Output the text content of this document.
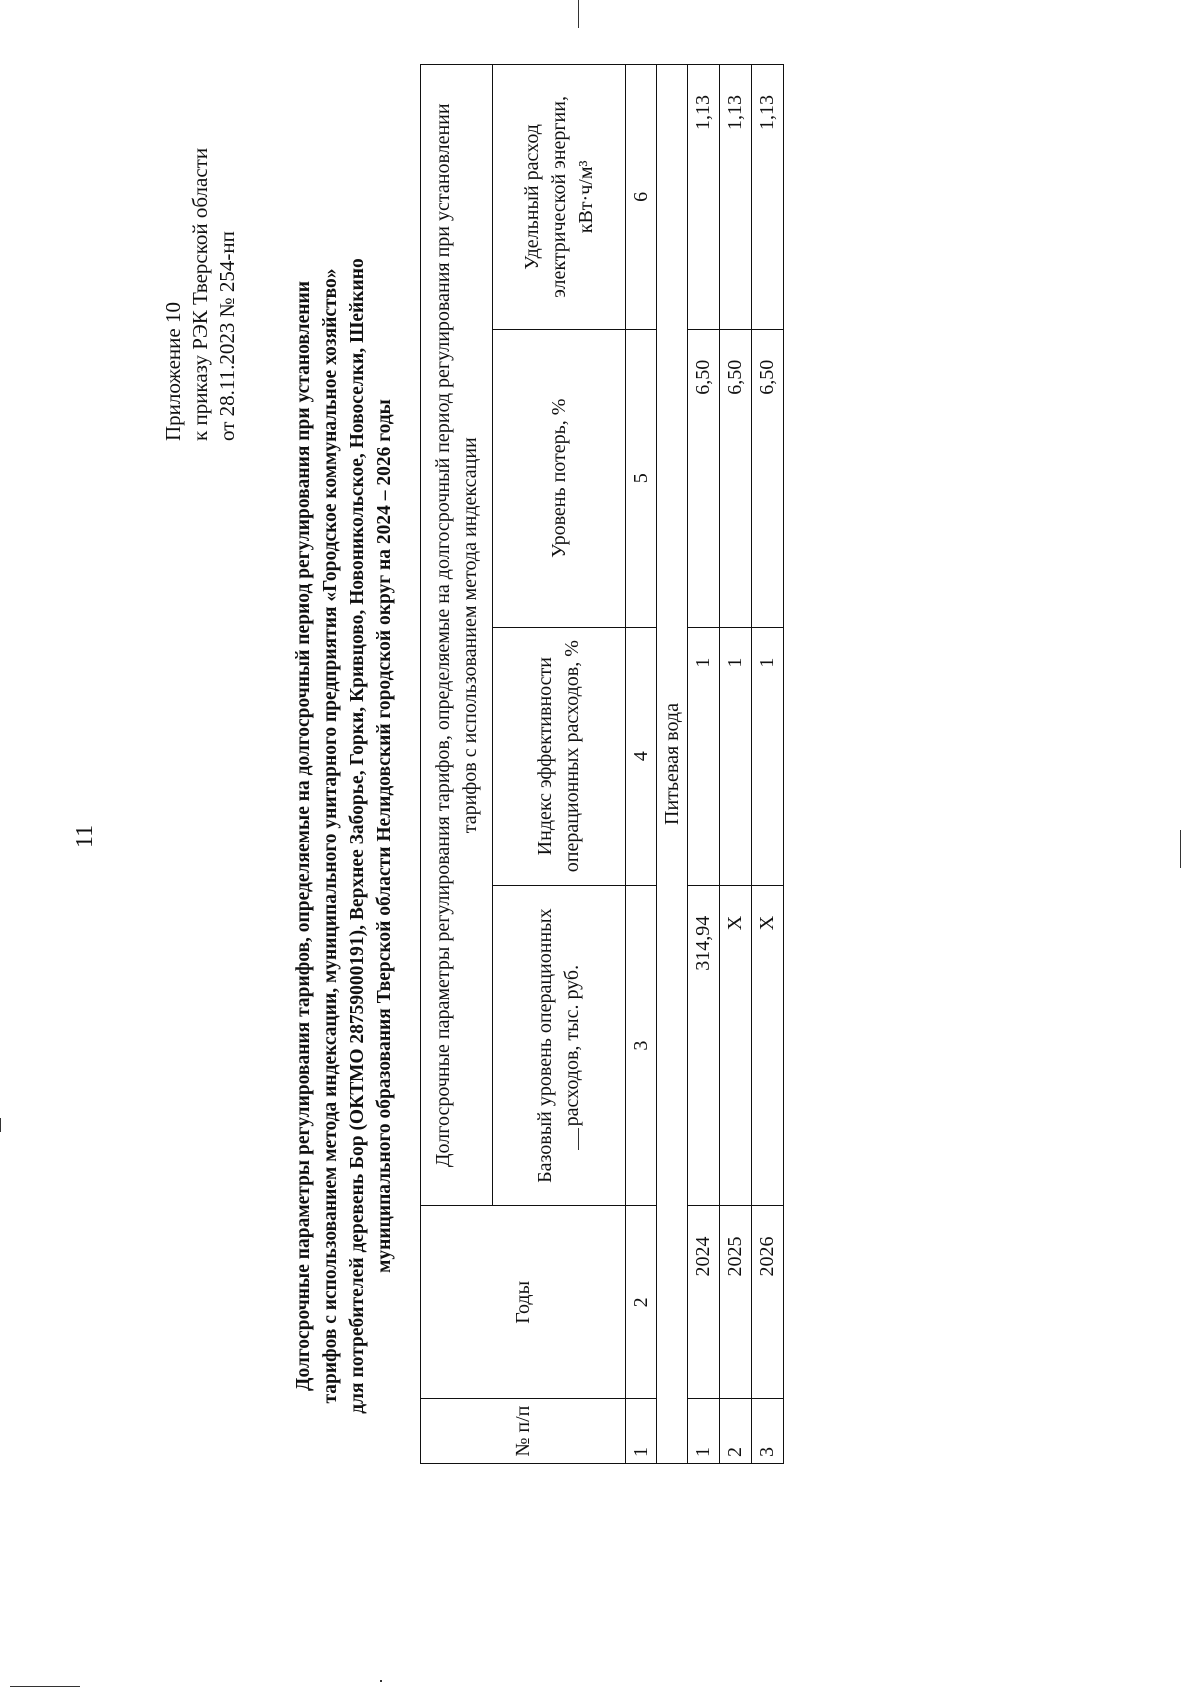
11
Приложение 10 к приказу РЭК Тверской области от 28.11.2023 № 254-нп	Долгосрочные параметры регулирования тарифов, определяемые на долгосрочный период регулирования при установлении тарифов с использованием метода индексации, муниципального унитарного предприятия «Городское коммунальное хозяйство» для потребителей деревень Бор (ОКТМО 28759000191), Верхнее Заборье, Горки, Кривцово, Новоникольское, Новоселки, Шейкино муниципального образования Тверской области Нелидовский городской округ на 2024 – 2026 годы
№ п/п	Годы	Долгосрочные параметры регулирования тарифов, определяемые на долгосрочный период регулирования при установлении тарифов с использованием метода индексации			
		Базовый уровень операционных расходов, тыс. руб.	Индекс эффективности операционных расходов, %	Уровень потерь, %	Удельный расход электрической энергии, кВт·ч/м³
1	2	3	4	5	6
Питьевая вода					
1	2024	314,94	1	6,50	1,13
2	2025	X	1	6,50	1,13
3	2026	X	1	6,50	1,13
